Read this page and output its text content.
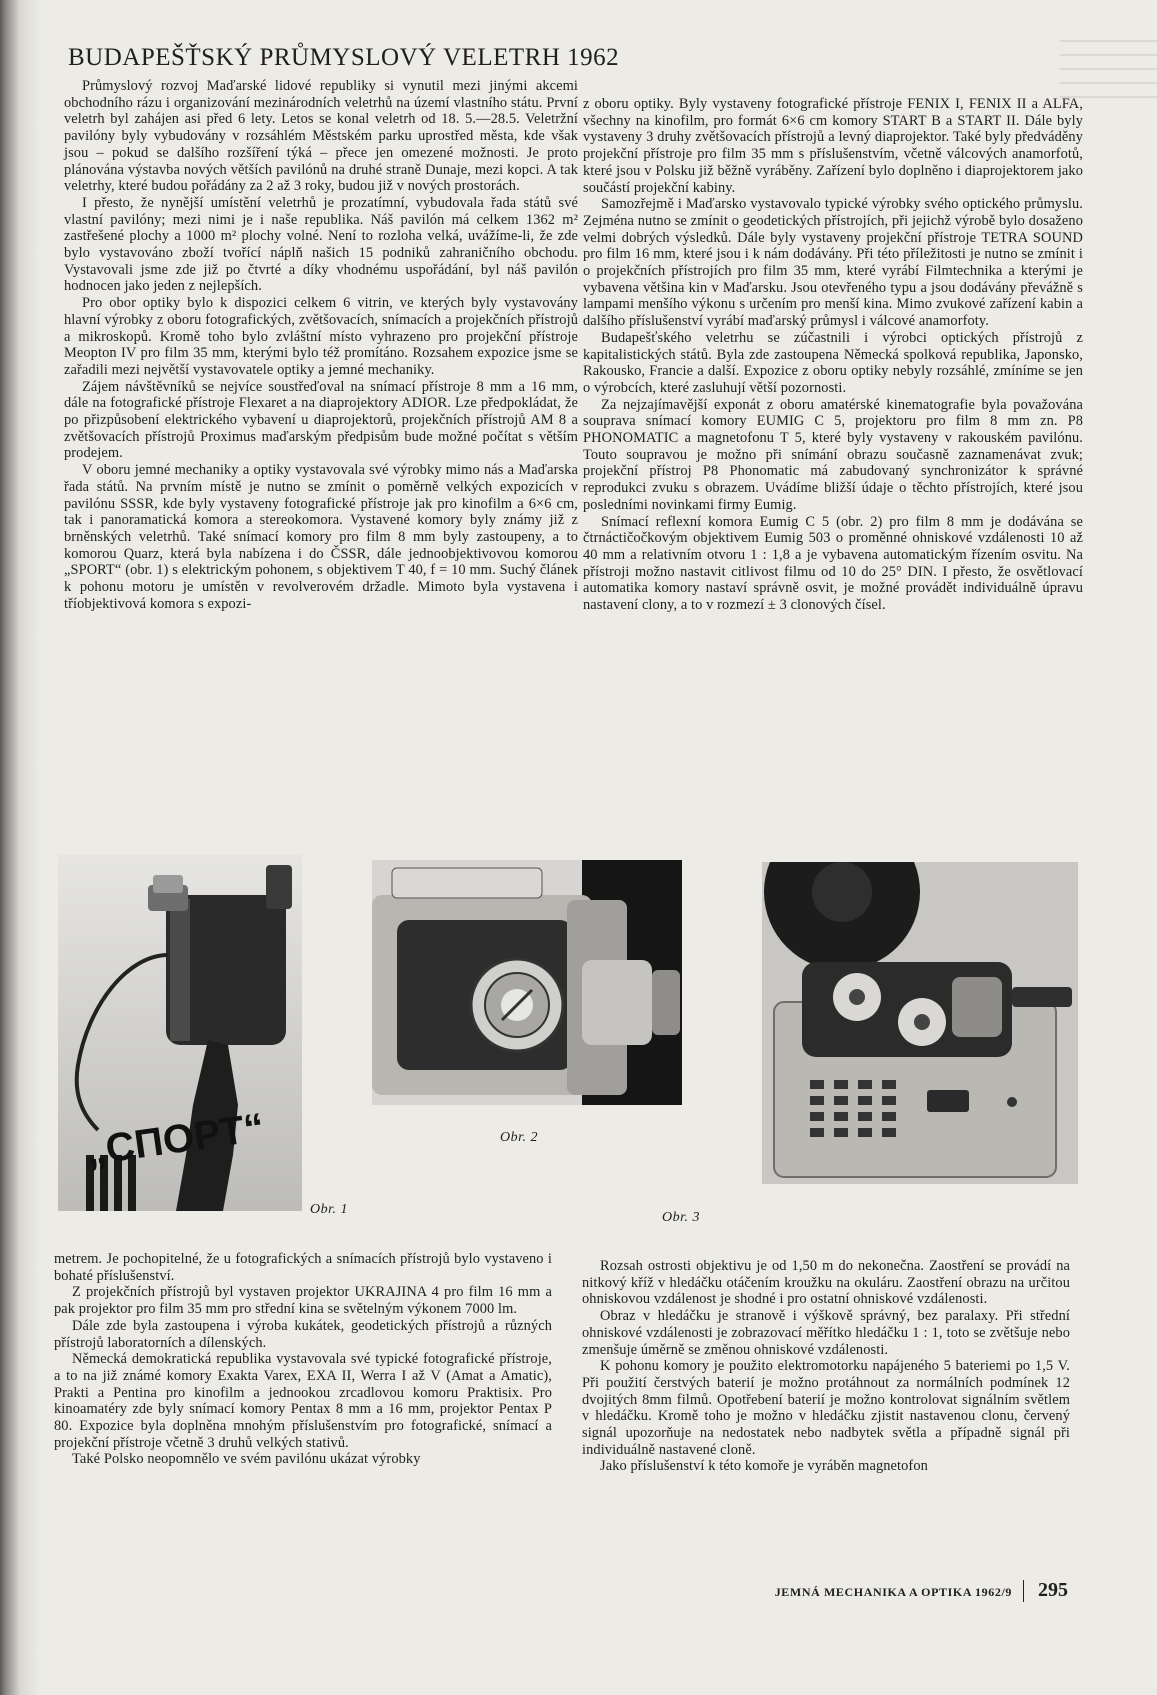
BUDAPEŠŤSKÝ PRŮMYSLOVÝ VELETRH 1962

Průmyslový rozvoj Maďarské lidové republiky si vynutil mezi jinými akcemi obchodního rázu i organizování mezinárodních veletrhů na území vlastního státu. První veletrh byl zahájen asi před 6 lety. Letos se konal veletrh od 18. 5.—28.5. Veletržní pavilóny byly vybudovány v rozsáhlém Městském parku uprostřed města, kde však jsou – pokud se dalšího rozšíření týká – přece jen omezené možnosti. Je proto plánována výstavba nových větších pavilónů na druhé straně Dunaje, mezi kopci. A tak veletrhy, které budou pořádány za 2 až 3 roky, budou již v nových prostorách.

I přesto, že nynější umístění veletrhů je prozatímní, vybudovala řada států své vlastní pavilóny; mezi nimi je i naše republika. Náš pavilón má celkem 1362 m² zastřešené plochy a 1000 m² plochy volné. Není to rozloha velká, uvážíme-li, že zde bylo vystavováno zboží tvořící náplň našich 15 podniků zahraničního obchodu. Vystavovali jsme zde již po čtvrté a díky vhodnému uspořádání, byl náš pavilón hodnocen jako jeden z nejlepších.

Pro obor optiky bylo k dispozici celkem 6 vitrin, ve kterých byly vystavovány hlavní výrobky z oboru fotografických, zvětšovacích, snímacích a projekčních přístrojů a mikroskopů. Kromě toho bylo zvláštní místo vyhrazeno pro projekční přístroje Meopton IV pro film 35 mm, kterými bylo též promítáno. Rozsahem expozice jsme se zařadili mezi největší vystavovatele optiky a jemné mechaniky.

Zájem návštěvníků se nejvíce soustřeďoval na snímací přístroje 8 mm a 16 mm, dále na fotografické přístroje Flexaret a na diaprojektory ADIOR. Lze předpokládat, že po přizpůsobení elektrického vybavení u diaprojektorů, projekčních přístrojů AM 8 a zvětšovacích přístrojů Proximus maďarským předpisům bude možné počítat s větším prodejem.

V oboru jemné mechaniky a optiky vystavovala své výrobky mimo nás a Maďarska řada států. Na prvním místě je nutno se zmínit o poměrně velkých expozicích v pavilónu SSSR, kde byly vystaveny fotografické přístroje jak pro kinofilm a 6×6 cm, tak i panoramatická komora a stereokomora. Vystavené komory byly známy již z brněnských veletrhů. Také snímací komory pro film 8 mm byly zastoupeny, a to komorou Quarz, která byla nabízena i do ČSSR, dále jednoobjektivovou komorou „SPORT“ (obr. 1) s elektrickým pohonem, s objektivem T 40, f = 10 mm. Suchý článek k pohonu motoru je umístěn v revolverovém držadle. Mimoto byla vystavena i tříobjektivová komora s expozi-

z oboru optiky. Byly vystaveny fotografické přístroje FENIX I, FENIX II a ALFA, všechny na kinofilm, pro formát 6×6 cm komory START B a START II. Dále byly vystaveny 3 druhy zvětšovacích přístrojů a levný diaprojektor. Také byly předváděny projekční přístroje pro film 35 mm s příslušenstvím, včetně válcových anamorfotů, které jsou v Polsku již běžně vyráběny. Zařízení bylo doplněno i diaprojektorem jako součástí projekční kabiny.

Samozřejmě i Maďarsko vystavovalo typické výrobky svého optického průmyslu. Zejména nutno se zmínit o geodetických přístrojích, při jejichž výrobě bylo dosaženo velmi dobrých výsledků. Dále byly vystaveny projekční přístroje TETRA SOUND pro film 16 mm, které jsou i k nám dodávány. Při této příležitosti je nutno se zmínit i o projekčních přístrojích pro film 35 mm, které vyrábí Filmtechnika a kterými je vybavena většina kin v Maďarsku. Jsou otevřeného typu a jsou dodávány převážně s lampami menšího výkonu s určením pro menší kina. Mimo zvukové zařízení kabin a dalšího příslušenství vyrábí maďarský průmysl i válcové anamorfoty.

Budapešťského veletrhu se zúčastnili i výrobci optických přístrojů z kapitalistických států. Byla zde zastoupena Německá spolková republika, Japonsko, Rakousko, Francie a další. Expozice z oboru optiky nebyly rozsáhlé, zmíníme se jen o výrobcích, které zasluhují větší pozornosti.

Za nejzajímavější exponát z oboru amatérské kinematografie byla považována souprava snímací komory EUMIG C 5, projektoru pro film 8 mm zn. P8 PHONOMATIC a magnetofonu T 5, které byly vystaveny v rakouském pavilónu. Touto soupravou je možno při snímání obrazu současně zaznamenávat zvuk; projekční přístroj P8 Phonomatic má zabudovaný synchronizátor k správné reprodukci zvuku s obrazem. Uvádíme bližší údaje o těchto přístrojích, které jsou posledními novinkami firmy Eumig.

Snímací reflexní komora Eumig C 5 (obr. 2) pro film 8 mm je dodávána se čtrnáctičočkovým objektivem Eumig 503 o proměnné ohniskové vzdálenosti 10 až 40 mm a relativním otvoru 1 : 1,8 a je vybavena automatickým řízením osvitu. Na přístroji možno nastavit citlivost filmu od 10 do 25° DIN. I přesto, že osvětlovací automatika komory nastaví správně osvit, je možné provádět individuálně úpravu nastavení clony, a to v rozmezí ± 3 clonových čísel.

„СПОРТ“
Obr. 1
Obr. 2
Obr. 3

metrem. Je pochopitelné, že u fotografických a snímacích přístrojů bylo vystaveno i bohaté příslušenství.

Z projekčních přístrojů byl vystaven projektor UKRAJINA 4 pro film 16 mm a pak projektor pro film 35 mm pro střední kina se světelným výkonem 7000 lm.

Dále zde byla zastoupena i výroba kukátek, geodetických přístrojů a různých přístrojů laboratorních a dílenských.

Německá demokratická republika vystavovala své typické fotografické přístroje, a to na již známé komory Exakta Varex, EXA II, Werra I až V (Amat a Amatic), Prakti a Pentina pro kinofilm a jednookou zrcadlovou komoru Praktisix. Pro kinoamatéry zde byly snímací komory Pentax 8 mm a 16 mm, projektor Pentax P 80. Expozice byla doplněna mnohým příslušenstvím pro fotografické, snímací a projekční přístroje včetně 3 druhů velkých stativů.

Také Polsko neopomnělo ve svém pavilónu ukázat výrobky

Rozsah ostrosti objektivu je od 1,50 m do nekonečna. Zaostření se provádí na nitkový kříž v hledáčku otáčením kroužku na okuláru. Zaostření obrazu na určitou ohniskovou vzdálenost je shodné i pro ostatní ohniskové vzdálenosti.

Obraz v hledáčku je stranově i výškově správný, bez paralaxy. Při střední ohniskové vzdálenosti je zobrazovací měřítko hledáčku 1 : 1, toto se zvětšuje nebo zmenšuje úměrně se změnou ohniskové vzdálenosti.

K pohonu komory je použito elektromotorku napájeného 5 bateriemi po 1,5 V. Při použití čerstvých baterií je možno protáhnout za normálních podmínek 12 dvojitých 8mm filmů. Opotřebení baterií je možno kontrolovat signálním světlem v hledáčku. Kromě toho je možno v hledáčku zjistit nastavenou clonu, červený signál upozorňuje na nedostatek nebo nadbytek světla a případně signál při individuálně nastavené cloně.

Jako příslušenství k této komoře je vyráběn magnetofon

JEMNÁ MECHANIKA A OPTIKA 1962/9 295
